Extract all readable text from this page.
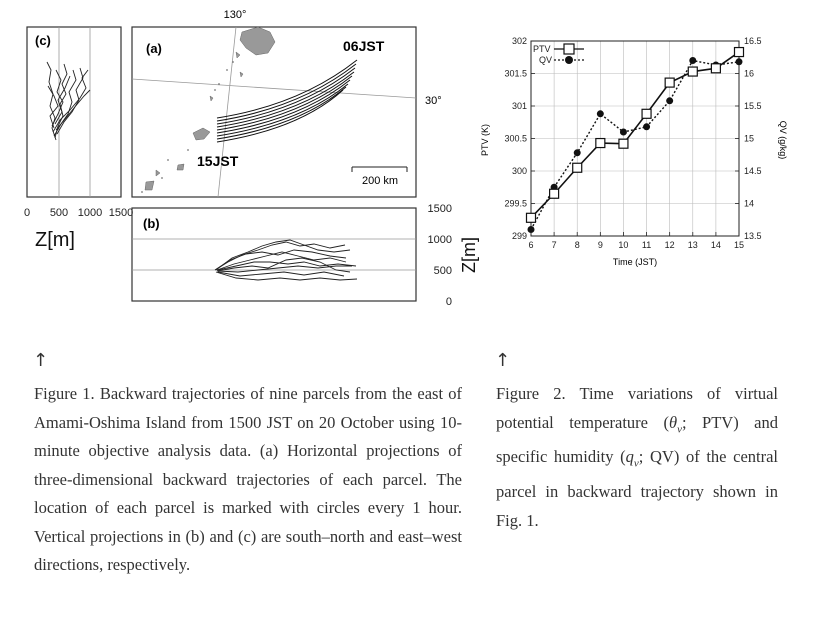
(c)
0 500 1000 1500
Z[m]
130°
30°
06JST
15JST
(a)
200 km
(b)
1500
1000
500
0
Z[m]	6 7 8 9 10 11 12 13 14 15
299
299.5
300
300.5
301
301.5
302
13.5
14
14.5
15
15.5
16
16.5
PTV
QV
Time (JST)
PTV (K)	QV (g/kg)
↑
Figure 1. Backward trajectories of nine parcels from the east of Amami-Oshima Island from 1500 JST on 20 October using 10-minute objective analysis data. (a) Horizontal projections of three-dimensional backward trajectories of each parcel. The location of each parcel is marked with circles every 1 hour. Vertical projections in (b) and (c) are south–north and east–west directions, respectively.
↑
Figure 2. Time variations of virtual potential temperature ($\theta_v$; PTV) and specific humidity ($q_v$; QV) of the central parcel in backward trajectory shown in Fig. 1.
